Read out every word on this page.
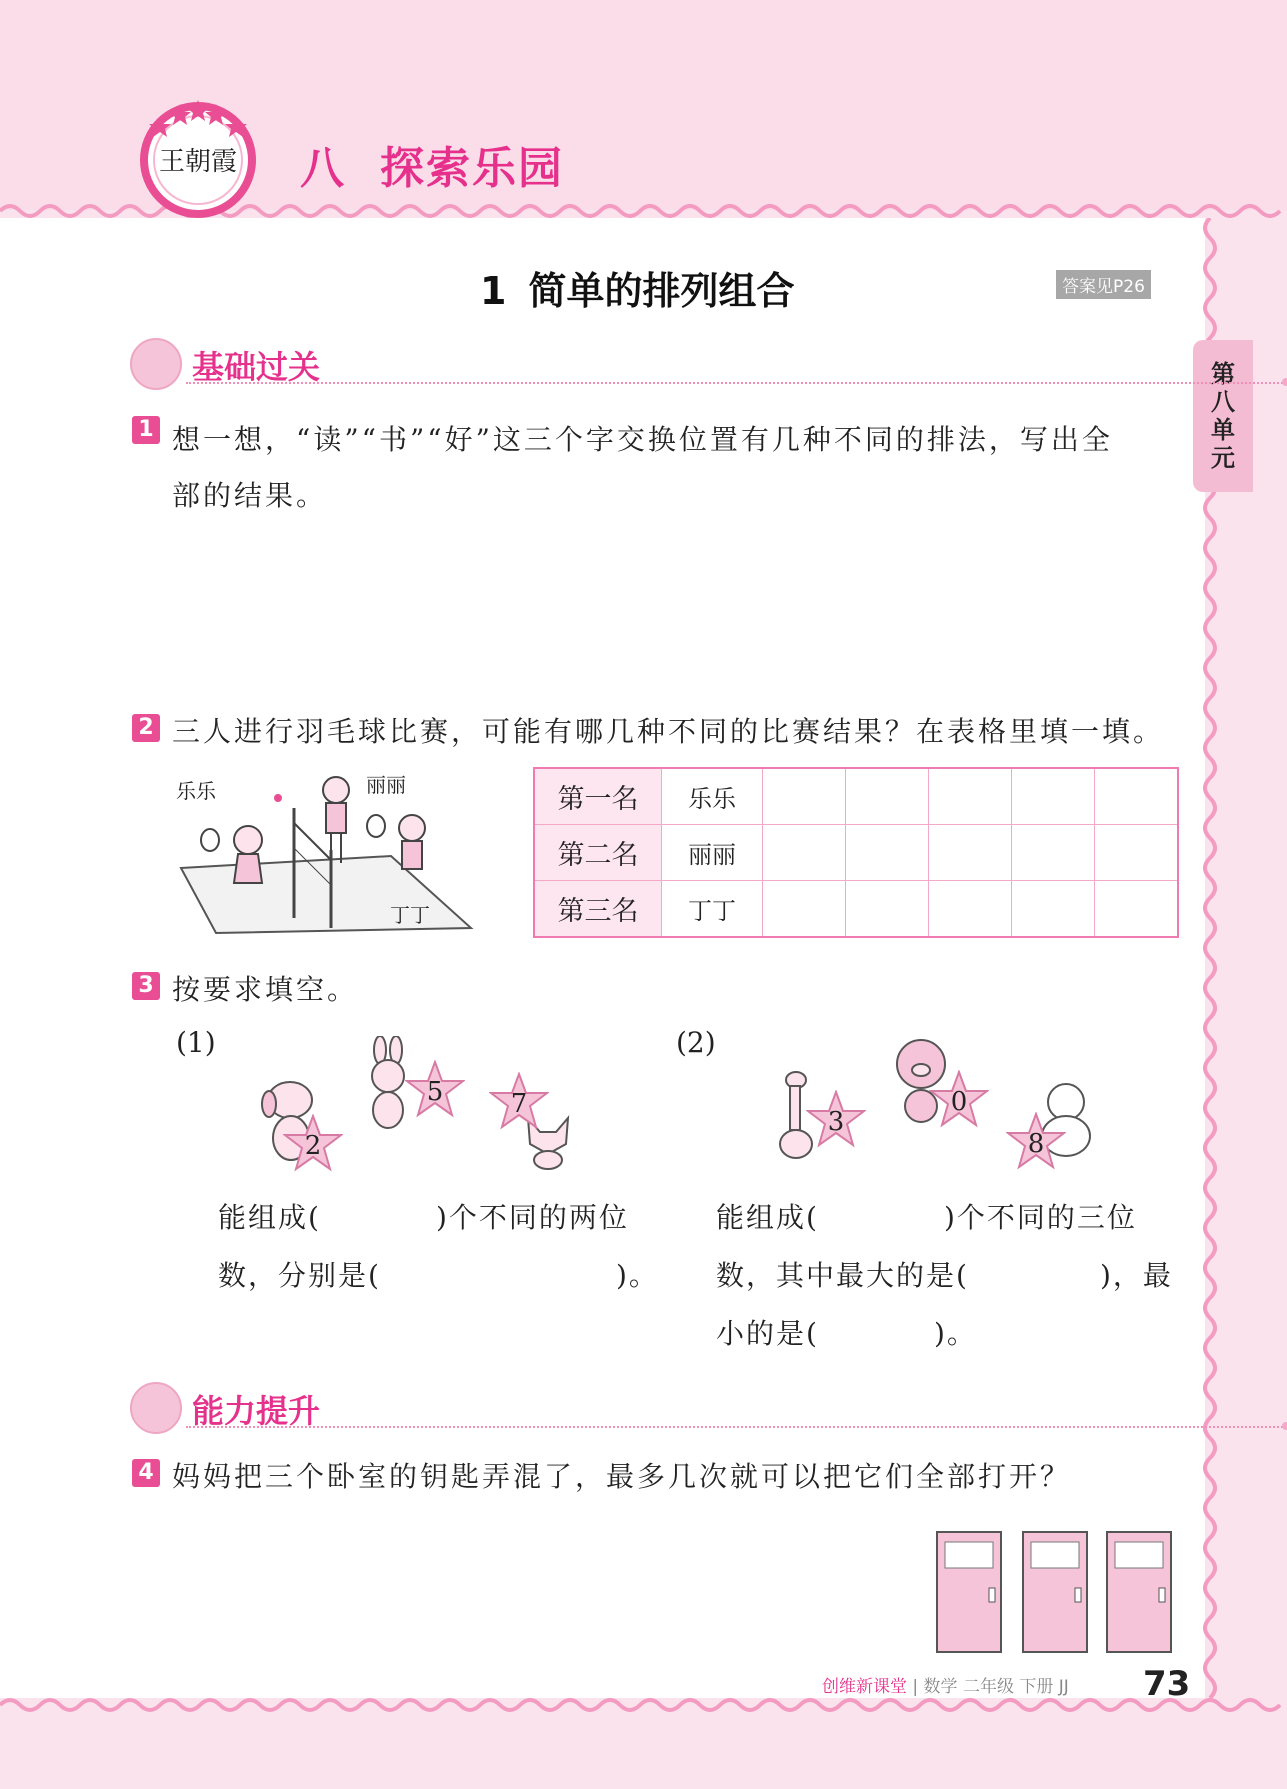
王朝霞 八 探索乐园
1 简单的排列组合	答案见P26
第八单元
基础过关
1 想一想，“读”“书”“好”这三个字交换位置有几种不同的排法，写出全
部的结果。
2 三人进行羽毛球比赛，可能有哪几种不同的比赛结果？在表格里填一填。
乐乐	丽丽
丁丁
第一名	乐乐					
第二名	丽丽					
第三名	丁丁					
3 按要求填空。
(1)	(2)
5	7
2
3
0
8
能组成(	)个不同的两位
数，分别是(	)。
能组成(	)个不同的三位
数，其中最大的是(	)，最
小的是(	)。
能力提升
4 妈妈把三个卧室的钥匙弄混了，最多几次就可以把它们全部打开？
创维新课堂 | 数学 二年级 下册 JJ 73
